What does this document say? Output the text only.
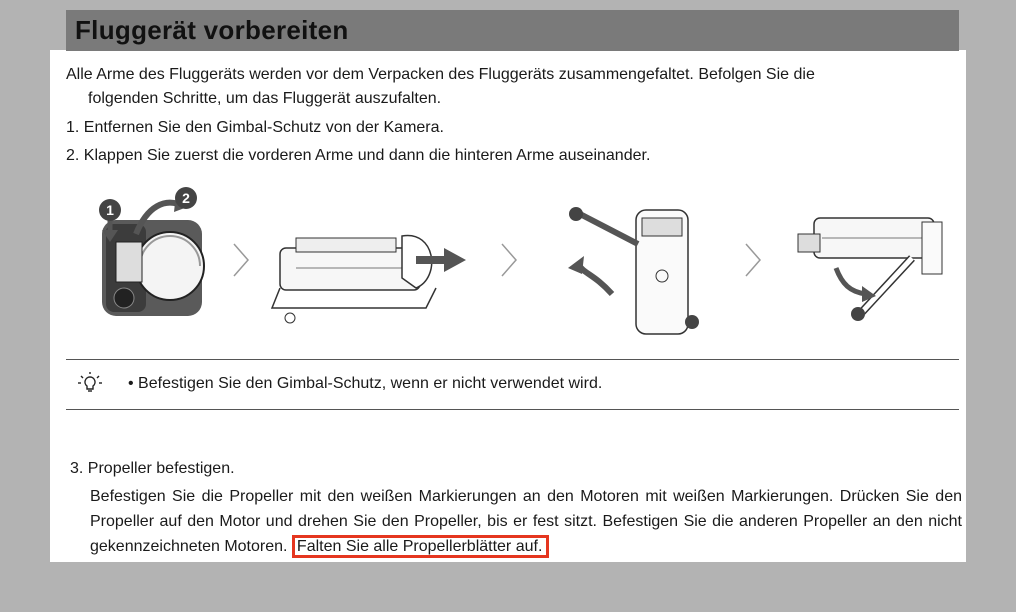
Fluggerät vorbereiten
Alle Arme des Fluggeräts werden vor dem Verpacken des Fluggeräts zusammengefaltet. Befolgen Sie die
folgenden Schritte, um das Fluggerät auszufalten.
1. Entfernen Sie den Gimbal-Schutz von der Kamera.
2. Klappen Sie zuerst die vorderen Arme und dann die hinteren Arme auseinander.
1
2
• Befestigen Sie den Gimbal-Schutz, wenn er nicht verwendet wird.
3. Propeller befestigen.
Befestigen Sie die Propeller mit den weißen Markierungen an den Motoren mit weißen Markierungen. Drücken Sie den Propeller auf den Motor und drehen Sie den Propeller, bis er fest sitzt. Befestigen Sie die anderen Propeller an den nicht gekennzeichneten Motoren. Falten Sie alle Propellerblätter auf.
